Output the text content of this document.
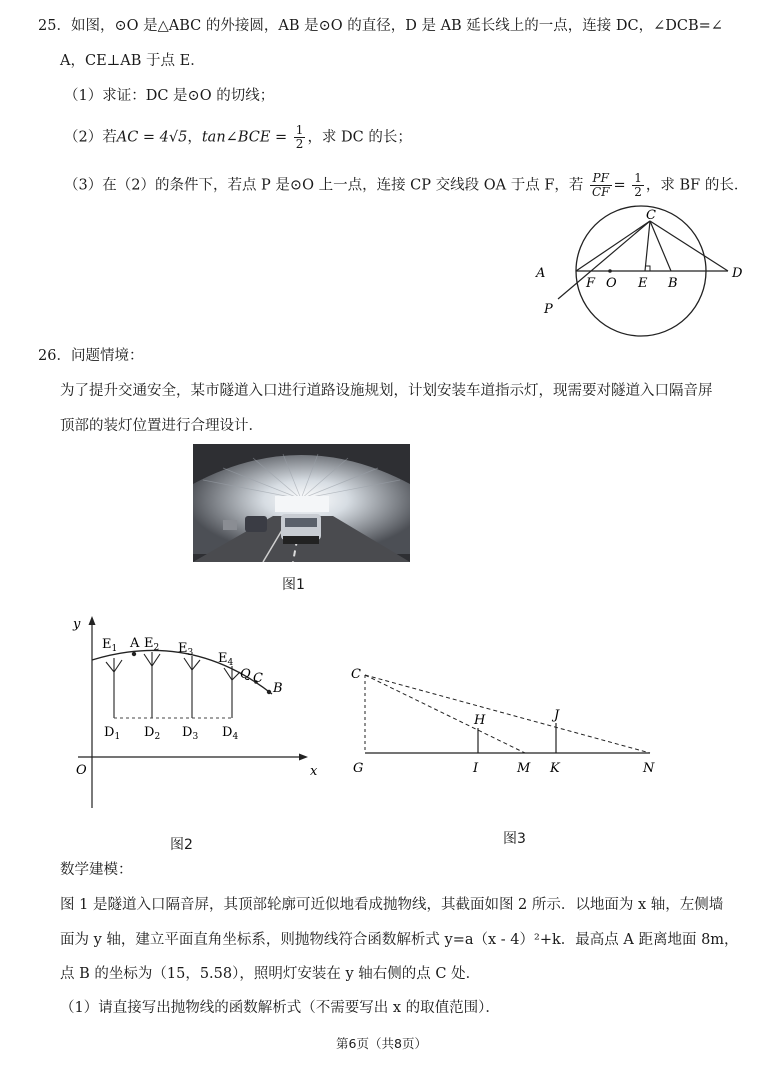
25．如图，⊙O 是△ABC 的外接圆，AB 是⊙O 的直径，D 是 AB 延长线上的一点，连接 DC，∠DCB=∠
A，CE⊥AB 于点 E．
（1）求证：DC 是⊙O 的切线；
（2）若AC = 4√5，tan∠BCE = $\frac{1}{2}$ ，求 DC 的长；
（3）在（2）的条件下，若点 P 是⊙O 上一点，连接 CP 交线段 OA 于点 F，若 $\frac{PF}{CF} = \frac{1}{2}$ ，求 BF 的长．
C
A
F O E B
D
P
26．问题情境：
为了提升交通安全，某市隧道入口进行道路设施规划，计划安装车道指示灯，现需要对隧道入口隔音屏
顶部的装灯位置进行合理设计．
图1
y
x
O
$E_1$ A $E_2$ $E_3$ $E_4$
Q C
B
$D_1$ $D_2$ $D_3$ $D_4$
图2
C
G
H
I	M
J
K	N
图3
数学建模：
图 1 是隧道入口隔音屏，其顶部轮廓可近似地看成抛物线，其截面如图 2 所示．以地面为 x 轴，左侧墙
面为 y 轴，建立平面直角坐标系，则抛物线符合函数解析式 y=a（x - 4）²+k．最高点 A 距离地面 8m，
点 B 的坐标为（15，5.58），照明灯安装在 y 轴右侧的点 C 处．
（1）请直接写出抛物线的函数解析式（不需要写出 x 的取值范围）．
第6页（共8页）
